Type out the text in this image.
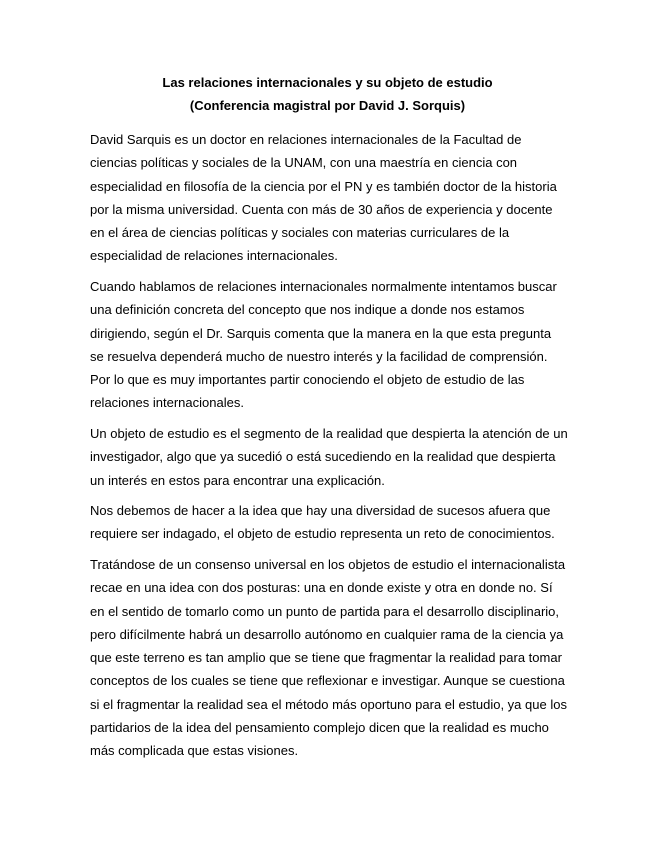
Las relaciones internacionales y su objeto de estudio
(Conferencia magistral por David J. Sorquis)

David Sarquis es un doctor en relaciones internacionales de la Facultad de
ciencias políticas y sociales de la UNAM, con una maestría en ciencia con
especialidad en filosofía de la ciencia por el PN y es también doctor de la historia
por la misma universidad. Cuenta con más de 30 años de experiencia y docente
en el área de ciencias políticas y sociales con materias curriculares de la
especialidad de relaciones internacionales.

Cuando hablamos de relaciones internacionales normalmente intentamos buscar
una definición concreta del concepto que nos indique a donde nos estamos
dirigiendo, según el Dr. Sarquis comenta que la manera en la que esta pregunta
se resuelva dependerá mucho de nuestro interés y la facilidad de comprensión.
Por lo que es muy importantes partir conociendo el objeto de estudio de las
relaciones internacionales.

Un objeto de estudio es el segmento de la realidad que despierta la atención de un
investigador, algo que ya sucedió o está sucediendo en la realidad que despierta
un interés en estos para encontrar una explicación.

Nos debemos de hacer a la idea que hay una diversidad de sucesos afuera que
requiere ser indagado, el objeto de estudio representa un reto de conocimientos.

Tratándose de un consenso universal en los objetos de estudio el internacionalista
recae en una idea con dos posturas: una en donde existe y otra en donde no. Sí
en el sentido de tomarlo como un punto de partida para el desarrollo disciplinario,
pero difícilmente habrá un desarrollo autónomo en cualquier rama de la ciencia ya
que este terreno es tan amplio que se tiene que fragmentar la realidad para tomar
conceptos de los cuales se tiene que reflexionar e investigar. Aunque se cuestiona
si el fragmentar la realidad sea el método más oportuno para el estudio, ya que los
partidarios de la idea del pensamiento complejo dicen que la realidad es mucho
más complicada que estas visiones.
